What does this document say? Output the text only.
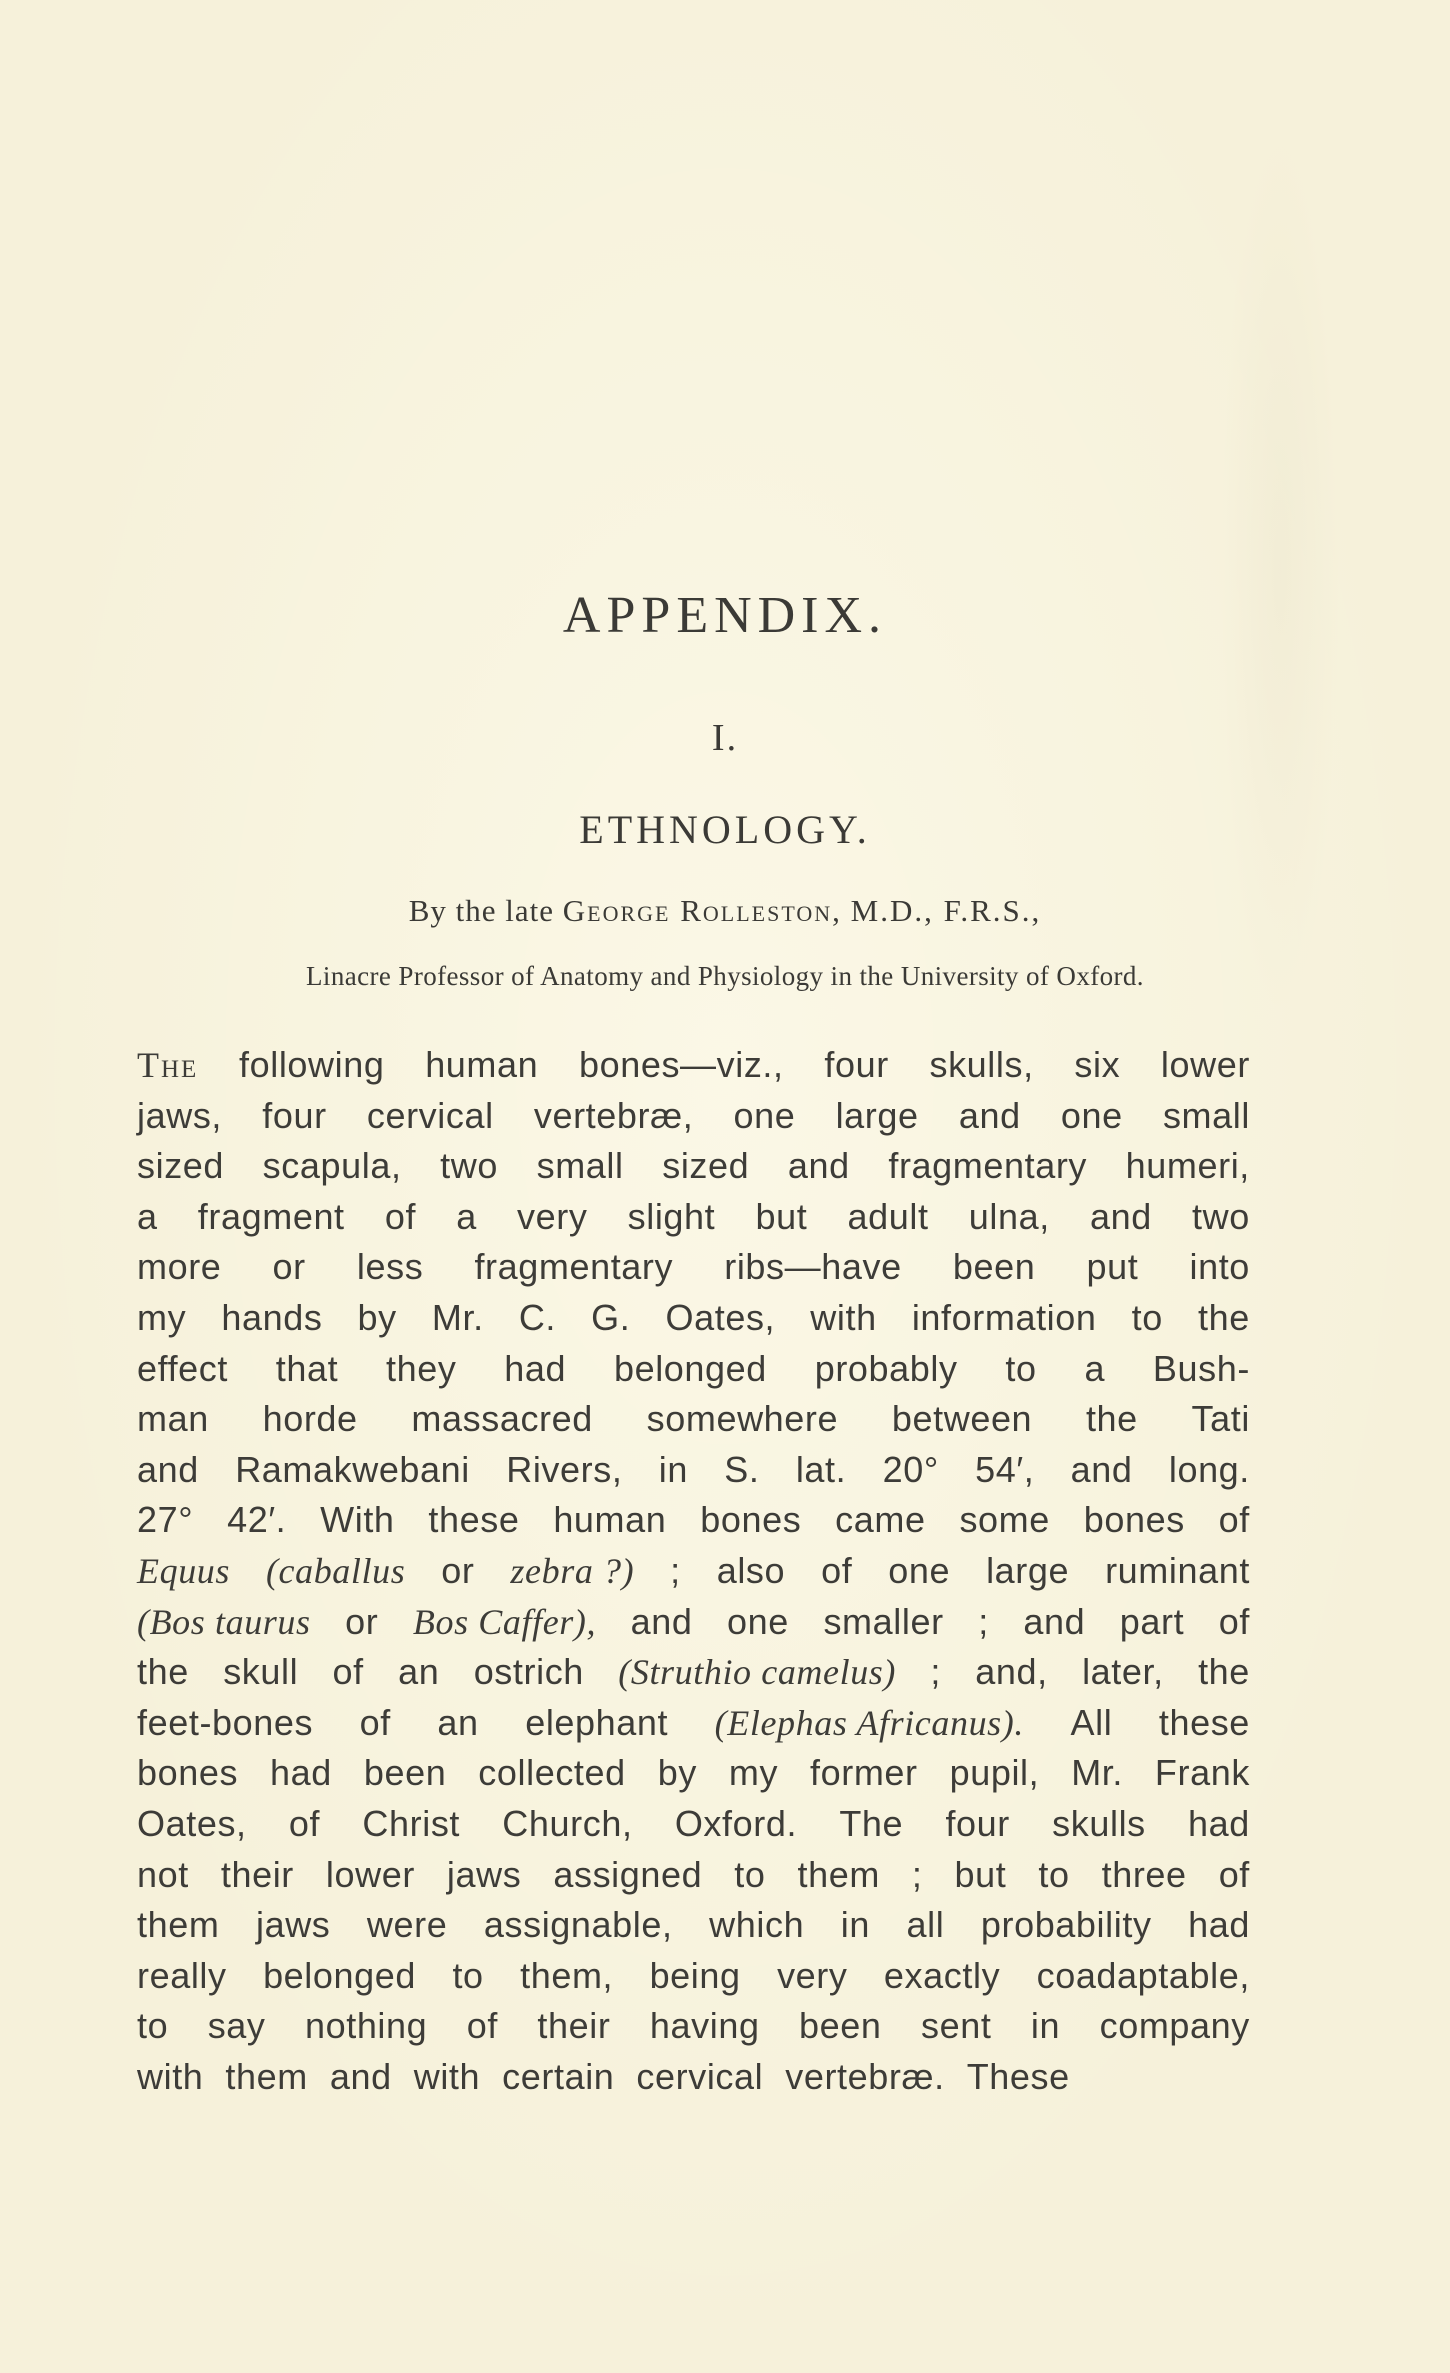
APPENDIX.
I.
ETHNOLOGY.
By the late George Rolleston, M.D., F.R.S.,
Linacre Professor of Anatomy and Physiology in the University of Oxford.
The following human bones—viz., four skulls, six lower
jaws, four cervical vertebræ, one large and one small
sized scapula, two small sized and fragmentary humeri,
a fragment of a very slight but adult ulna, and two
more or less fragmentary ribs—have been put into
my hands by Mr. C. G. Oates, with information to the
effect that they had belonged probably to a Bush-
man horde massacred somewhere between the Tati
and Ramakwebani Rivers, in S. lat. 20° 54′, and long.
27° 42′. With these human bones came some bones of
Equus (caballus or zebra ?) ; also of one large ruminant
(Bos taurus or Bos Caffer), and one smaller ; and part of
the skull of an ostrich (Struthio camelus) ; and, later, the
feet-bones of an elephant (Elephas Africanus). All these
bones had been collected by my former pupil, Mr. Frank
Oates, of Christ Church, Oxford. The four skulls had
not their lower jaws assigned to them ; but to three of
them jaws were assignable, which in all probability had
really belonged to them, being very exactly coadaptable,
to say nothing of their having been sent in company
with them and with certain cervical vertebræ. These
